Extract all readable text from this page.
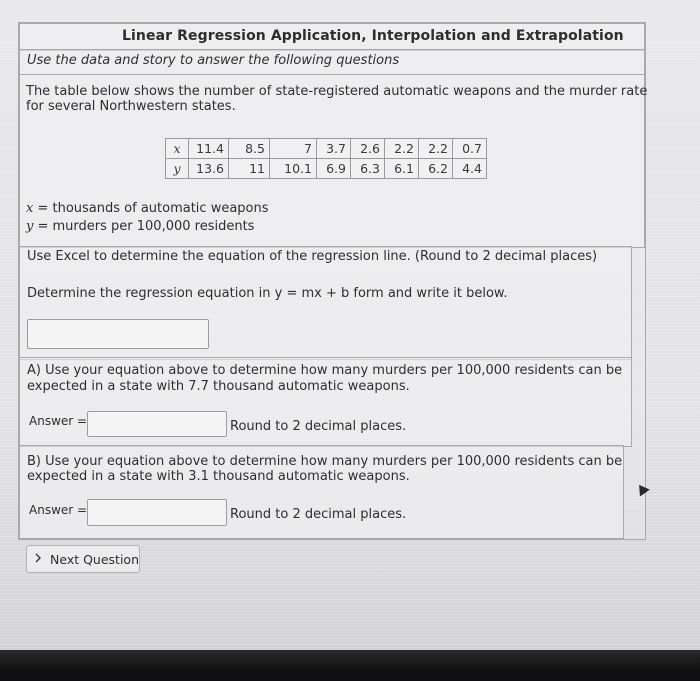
Linear Regression Application, Interpolation and Extrapolation
Use the data and story to answer the following questions
The table below shows the number of state-registered automatic weapons and the murder rate
for several Northwestern states.
x	11.4	8.5	7	3.7	2.6	2.2	2.2	0.7
y	13.6	11	10.1	6.9	6.3	6.1	6.2	4.4
x = thousands of automatic weapons
y = murders per 100,000 residents
Use Excel to determine the equation of the regression line. (Round to 2 decimal places)
Determine the regression equation in y = mx + b form and write it below.
A) Use your equation above to determine how many murders per 100,000 residents can be
expected in a state with 7.7 thousand automatic weapons.
Answer =	Round to 2 decimal places.
B) Use your equation above to determine how many murders per 100,000 residents can be
expected in a state with 3.1 thousand automatic weapons.
Answer =	Round to 2 decimal places.
Next Question
